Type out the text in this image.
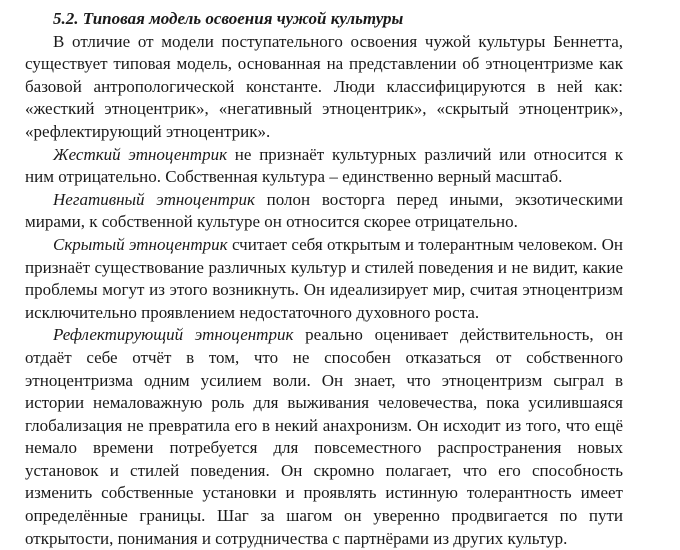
5.2. Типовая модель освоения чужой культуры

В отличие от модели поступательного освоения чужой культуры Беннетта, существует типовая модель, основанная на представлении об этноцентризме как базовой антропологической константе. Люди классифицируются в ней как: «жесткий этноцентрик», «негативный этноцентрик», «скрытый этноцентрик», «рефлектирующий этноцентрик».

Жесткий этноцентрик не признаёт культурных различий или относится к ним отрицательно. Собственная культура – единственно верный масштаб.

Негативный этноцентрик полон восторга перед иными, экзотическими мирами, к собственной культуре он относится скорее отрицательно.

Скрытый этноцентрик считает себя открытым и толерантным человеком. Он признаёт существование различных культур и стилей поведения и не видит, какие проблемы могут из этого возникнуть. Он идеализирует мир, считая этноцентризм исключительно проявлением недостаточного духовного роста.

Рефлектирующий этноцентрик реально оценивает действительность, он отдаёт себе отчёт в том, что не способен отказаться от собственного этноцентризма одним усилием воли. Он знает, что этноцентризм сыграл в истории немаловажную роль для выживания человечества, пока усилившаяся глобализация не превратила его в некий анахронизм. Он исходит из того, что ещё немало времени потребуется для повсеместного распространения новых установок и стилей поведения. Он скромно полагает, что его способность изменить собственные установки и проявлять истинную толерантность имеет определённые границы. Шаг за шагом он уверенно продвигается по пути открытости, понимания и сотрудничества с партнёрами из других культур.
